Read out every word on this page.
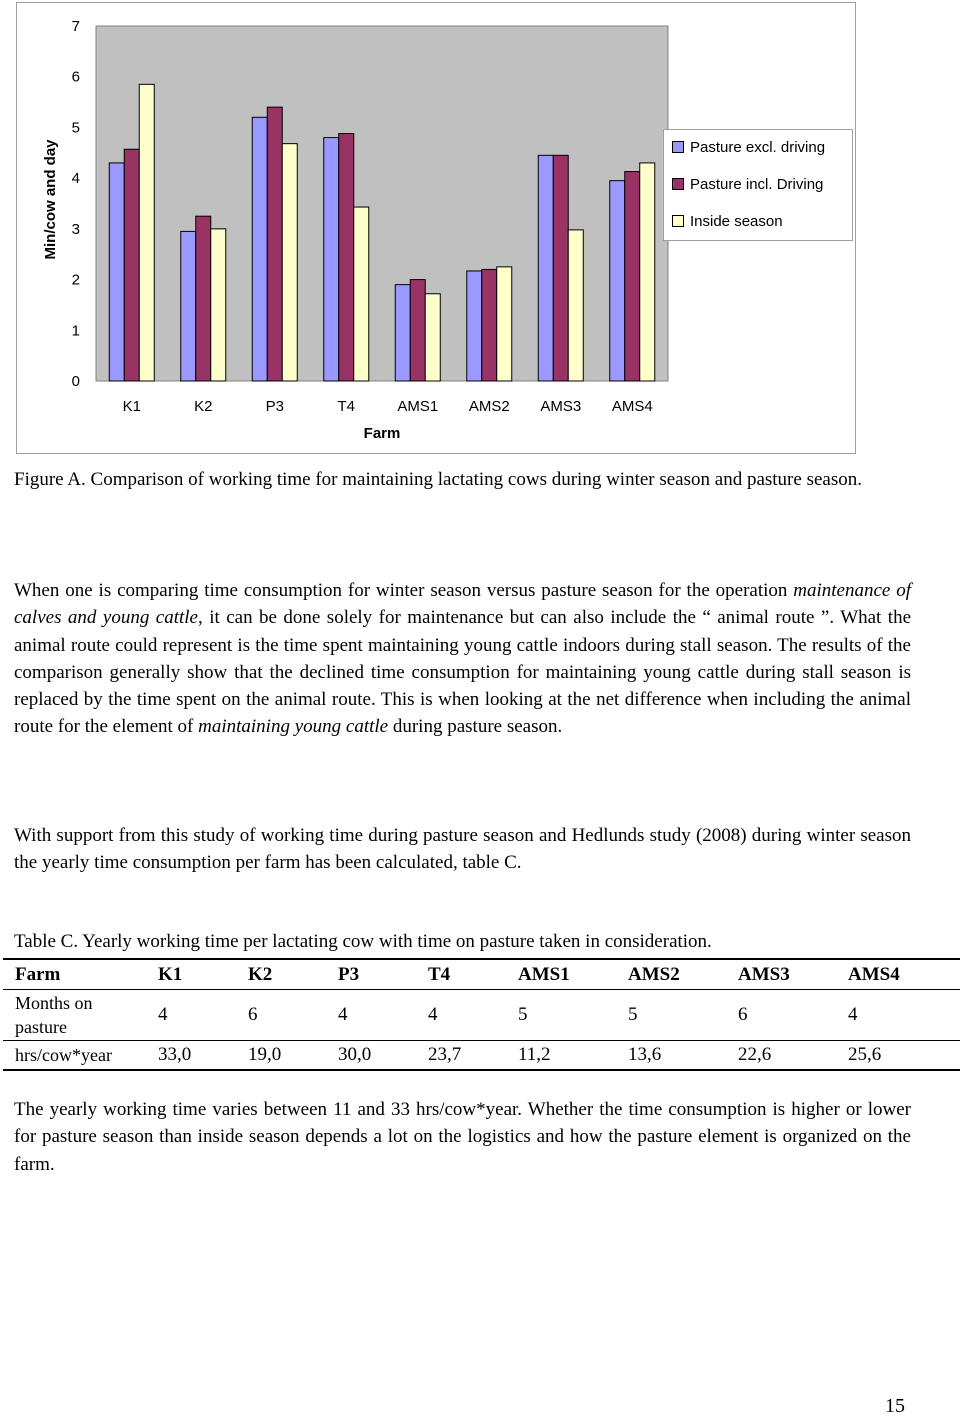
0
1
2
3
4
5
6
7
K1	K2	P3	T4	AMS1 AMS2 AMS3 AMS4
Farm
Min/cow and day	Pasture excl. driving
Pasture incl. Driving
Inside season
Figure A. Comparison of working time for maintaining lactating cows during winter season and pasture season.
When one is comparing time consumption for winter season versus pasture season for the operation maintenance of calves and young cattle, it can be done solely for maintenance but can also include the “ animal route ”. What the animal route could represent is the time spent maintaining young cattle indoors during stall season. The results of the comparison generally show that the declined time consumption for maintaining young cattle during stall season is replaced by the time spent on the animal route. This is when looking at the net difference when including the animal route for the element of maintaining young cattle during pasture season.
With support from this study of working time during pasture season and Hedlunds study (2008) during winter season the yearly time consumption per farm has been calculated, table C.
Table C. Yearly working time per lactating cow with time on pasture taken in consideration.
Farm	K1	K2	P3	T4	AMS1	AMS2	AMS3	AMS4
Months on
pasture	4	6	4	4	5	5	6	4
hrs/cow*year	33,0	19,0	30,0	23,7	11,2	13,6	22,6	25,6
The yearly working time varies between 11 and 33 hrs/cow*year. Whether the time consumption is higher or lower for pasture season than inside season depends a lot on the logistics and how the pasture element is organized on the farm.
15
